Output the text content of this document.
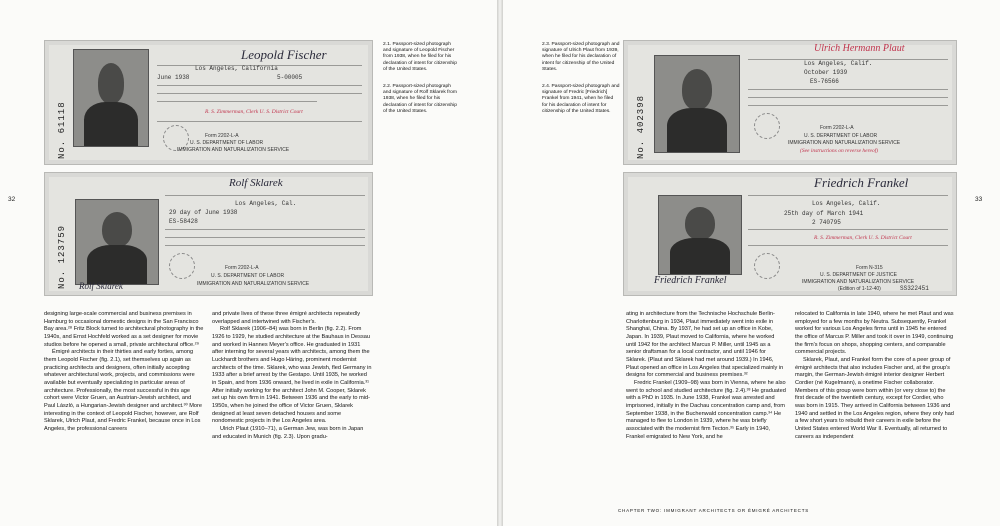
32
No. 61118
Leopold Fischer
Los Angeles, California
June 1938	5-00005
R. S. Zimmerman, Clerk U. S. District Court
Form 2202-L-A
U. S. DEPARTMENT OF LABOR
IMMIGRATION AND NATURALIZATION SERVICE
No. 123759 Rolf Sklarek
Rolf Sklarek
Los Angeles, Cal.
29 day of June 1938
ES-58428
Form 2202-L-A
U. S. DEPARTMENT OF LABOR
IMMIGRATION AND NATURALIZATION SERVICE
2.1. Passport-sized photograph and signature of Leopold Fischer from 1938, when he filed for his declaration of intent for citizenship of the United States.
2.2. Passport-sized photograph and signature of Rolf Sklarek from 1938, when he filed for his declaration of intent for citizenship of the United States.

designing large-scale commercial and business premises in Hamburg to occasional domestic designs in the San Francisco Bay area.²⁸ Fritz Block turned to architectural photography in the 1940s, and Ernst Hochfeld worked as a set designer for movie studios before he opened a small, private architectural office.²⁹

Émigré architects in their thirties and early forties, among them Leopold Fischer (fig. 2.1), set themselves up again as practicing architects and designers, often initially accepting whatever architectural work, projects, and commissions were available but eventually specializing in particular areas of architecture. Professionally, the most successful in this age cohort were Victor Gruen, an Austrian-Jewish architect, and Paul László, a Hungarian-Jewish designer and architect.³⁰ More interesting in the context of Leopold Fischer, however, are Rolf Sklarek, Ulrich Plaut, and Fredric Frankel, because once in Los Angeles, the professional careers

and private lives of these three émigré architects repeatedly overlapped and intertwined with Fischer's.

Rolf Sklarek (1906–84) was born in Berlin (fig. 2.2). From 1926 to 1929, he studied architecture at the Bauhaus in Dessau and worked in Hannes Meyer's office. He graduated in 1931 after interning for several years with architects, among them the Luckhardt brothers and Hugo Häring, prominent modernist architects of the time. Sklarek, who was Jewish, fled Germany in 1933 after a brief arrest by the Gestapo. Until 1935, he worked in Spain, and from 1936 onward, he lived in exile in California.³¹ After initially working for the architect John M. Cooper, Sklarek set up his own firm in 1941. Between 1936 and the early to mid-1950s, when he joined the office of Victor Gruen, Sklarek designed at least seven detached houses and some nondomestic projects in the Los Angeles area.

Ulrich Plaut (1910–71), a German Jew, was born in Japan and educated in Munich (fig. 2.3). Upon gradu-

33
2.3. Passport-sized photograph and signature of Ulrich Plaut from 1939, when he filed for his declaration of intent for citizenship of the United States.
2.4. Passport-sized photograph and signature of Fredric [Friedrich] Frankel from 1941, when he filed for his declaration of intent for citizenship of the United States.	No. 402398
Ulrich Hermann Plaut
Los Angeles, Calif.
October 1939
ES-76566
Form 2202-L-A
U. S. DEPARTMENT OF LABOR
IMMIGRATION AND NATURALIZATION SERVICE
(See instructions on reverse hereof)
Friedrich Frankel
Friedrich Frankel
Los Angeles, Calif.
25th day of March 1941
2 740795
R. S. Zimmerman, Clerk U. S. District Court
Form N-315
U. S. DEPARTMENT OF JUSTICE
IMMIGRATION AND NATURALIZATION SERVICE
(Edition of 1-12-40)	SS322451

ating in architecture from the Technische Hochschule Berlin-Charlottenburg in 1934, Plaut immediately went into exile in Shanghai, China. By 1937, he had set up an office in Kobe, Japan. In 1939, Plaut moved to California, where he worked until 1942 for the architect Marcus P. Miller, until 1945 as a senior draftsman for a local contractor, and until 1946 for Sklarek. (Plaut and Sklarek had met around 1939.) In 1946, Plaut opened an office in Los Angeles that specialized mainly in designs for commercial and business premises.³²

Fredric Frankel (1909–98) was born in Vienna, where he also went to school and studied architecture (fig. 2.4).³³ He graduated with a PhD in 1935. In June 1938, Frankel was arrested and imprisoned, initially in the Dachau concentration camp and, from September 1938, in the Buchenwald concentration camp.³⁴ He managed to flee to London in 1939, where he was briefly associated with the modernist firm Tecton.³⁵ Early in 1940, Frankel emigrated to New York, and he

relocated to California in late 1940, where he met Plaut and was employed for a few months by Neutra. Subsequently, Frankel worked for various Los Angeles firms until in 1945 he entered the office of Marcus P. Miller and took it over in 1949, continuing the firm's focus on shops, shopping centers, and comparable commercial projects.

Sklarek, Plaut, and Frankel form the core of a peer group of émigré architects that also includes Fischer and, at the group's margin, the German-Jewish émigré interior designer Herbert Cordier (né Kugelmann), a onetime Fischer collaborator. Members of this group were born within (or very close to) the first decade of the twentieth century, except for Cordier, who was born in 1915. They arrived in California between 1936 and 1940 and settled in the Los Angeles region, where they only had a few short years to rebuild their careers in exile before the United States entered World War II. Eventually, all returned to careers as independent

CHAPTER TWO: IMMIGRANT ARCHITECTS OR ÉMIGRÉ ARCHITECTS
